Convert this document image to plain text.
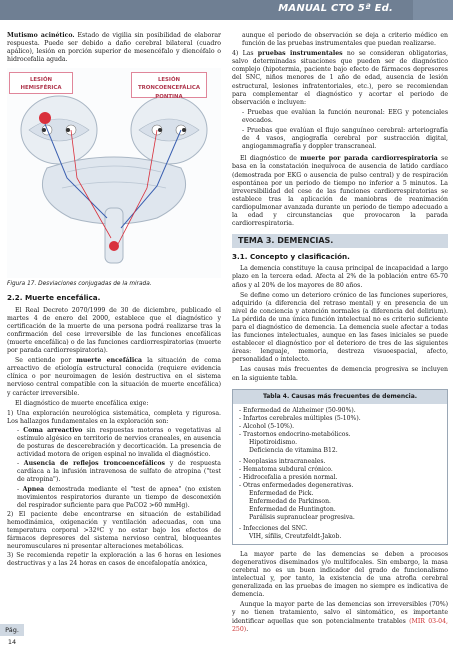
MANUAL CTO 5ª Ed.

Mutismo acinético. Estado de vigilia sin posibilidad de elaborar respuesta. Puede ser debido a daño cerebral bilateral (cuadro apálico), lesión en porción superior de mesencéfalo y diencéfalo o hidrocefalia aguda.

LESIÓN HEMISFÉRICA
LESIÓN TRONCOENCEFÁLICA PONTINA
Figura 17. Desviaciones conjugadas de la mirada.
2.2. Muerte encefálica.

El Real Decreto 2070/1999 de 30 de diciembre, publicado el martes 4 de enero del 2000, establece que el diagnóstico y certificación de la muerte de una persona podrá realizarse tras la confirmación del cese irreversible de las funciones encefálicas (muerte encefálica) o de las funciones cardiorrespiratorias (muerte por parada cardiorrespiratoria).

Se entiende por muerte encefálica la situación de coma arreactivo de etiología estructural conocida (requiere evidencia clínica o por neuroimagen de lesión destructiva en el sistema nervioso central compatible con la situación de muerte encefálica) y carácter irreversible.

El diagnóstico de muerte encefálica exige:

1) Una exploración neurológica sistemática, completa y rigurosa. Los hallazgos fundamentales en la exploración son:
- Coma arreactivo sin respuestas motoras o vegetativas al estímulo algésico en territorio de nervios craneales, en ausencia de posturas de descerebración y decorticación. La presencia de actividad motora de origen espinal no invalida el diagnóstico.
- Ausencia de reflejos troncoencefálicos y de respuesta cardíaca a la infusión intravenosa de sulfato de atropina ("test de atropina").
- Apnea demostrada mediante el "test de apnea" (no existen movimientos respiratorios durante un tiempo de desconexión del respirador suficiente para que PaCO2 >60 mmHg).
2) El paciente debe encontrarse en situación de estabilidad hemodinámica, oxigenación y ventilación adecuadas, con una temperatura corporal >32ºC y no estar bajo los efectos de fármacos depresores del sistema nervioso central, bloqueantes neuromusculares ni presentar alteraciones metabólicas.
3) Se recomienda repetir la exploración a las 6 horas en lesiones destructivas y a las 24 horas en casos de encefalopatía anóxica,

aunque el periodo de observación se deja a criterio médico en función de las pruebas instrumentales que puedan realizarse.

4) Las pruebas instrumentales no se consideran obligatorias, salvo determinadas situaciones que pueden ser de diagnóstico complejo (hipotermia, paciente bajo efecto de fármacos depresores del SNC, niños menores de 1 año de edad, ausencia de lesión estructural, lesiones infratentoriales, etc.), pero se recomiendan para complementar el diagnóstico y acortar el periodo de observación e incluyen:

- Pruebas que evalúan la función neuronal: EEG y potenciales evocados.

- Pruebas que evalúan el flujo sanguíneo cerebral: arteriografía de 4 vasos, angiografía cerebral por sustracción digital, angiogammagrafía y doppler transcraneal.

El diagnóstico de muerte por parada cardiorrespiratoria se basa en la constatación inequívoca de ausencia de latido cardíaco (demostrada por EKG o ausencia de pulso central) y de respiración espontánea por un periodo de tiempo no inferior a 5 minutos. La irreversibilidad del cese de las funciones cardiorrespiratorias se establece tras la aplicación de maniobras de reanimación cardiopulmonar avanzada durante un periodo de tiempo adecuado a la edad y circunstancias que provocaron la parada cardiorrespiratoria.

TEMA 3. DEMENCIAS.
3.1. Concepto y clasificación.

La demencia constituye la causa principal de incapacidad a largo plazo en la tercera edad. Afecta al 2% de la población entre 65-70 años y al 20% de los mayores de 80 años.

Se define como un deterioro crónico de las funciones superiores, adquirido (a diferencia del retraso mental) y en presencia de un nivel de conciencia y atención normales (a diferencia del delirium). La pérdida de una única función intelectual no es criterio suficiente para el diagnóstico de demencia. La demencia suele afectar a todas las funciones intelectuales, aunque en las fases iniciales se puede establecer el diagnóstico por el deterioro de tres de las siguientes áreas: lenguaje, memoria, destreza visuoespacial, afecto, personalidad o intelecto.

Las causas más frecuentes de demencia progresiva se incluyen en la siguiente tabla.

Tabla 4. Causas más frecuentes de demencia.
- Enfermedad de Alzheimer (50-90%).
- Infartos cerebrales múltiples (5-10%).
- Alcohol (5-10%).
- Trastornos endocrino-metabólicos.
Hipotiroidismo.
Deficiencia de vitamina B12.
- Neoplasias intracraneales.
- Hematoma subdural crónico.
- Hidrocefalia a presión normal.
- Otras enfermedades degenerativas.
Enfermedad de Pick.
Enfermedad de Parkinson.
Enfermedad de Huntington.
Parálisis supranuclear progresiva.
- Infecciones del SNC.
VIH, sífilis, Creutzfeldt-Jakob.

La mayor parte de las demencias se deben a procesos degenerativos diseminados y/o multifocales. Sin embargo, la masa cerebral no es un buen indicador del grado de funcionalismo intelectual y, por tanto, la existencia de una atrofia cerebral generalizada en las pruebas de imagen no siempre es indicativa de demencia.

Aunque la mayor parte de las demencias son irreversibles (70%) y no tienen tratamiento, salvo el sintomático, es importante identificar aquellas que son potencialmente tratables (MIR 03-04, 250).

Pág. 14
